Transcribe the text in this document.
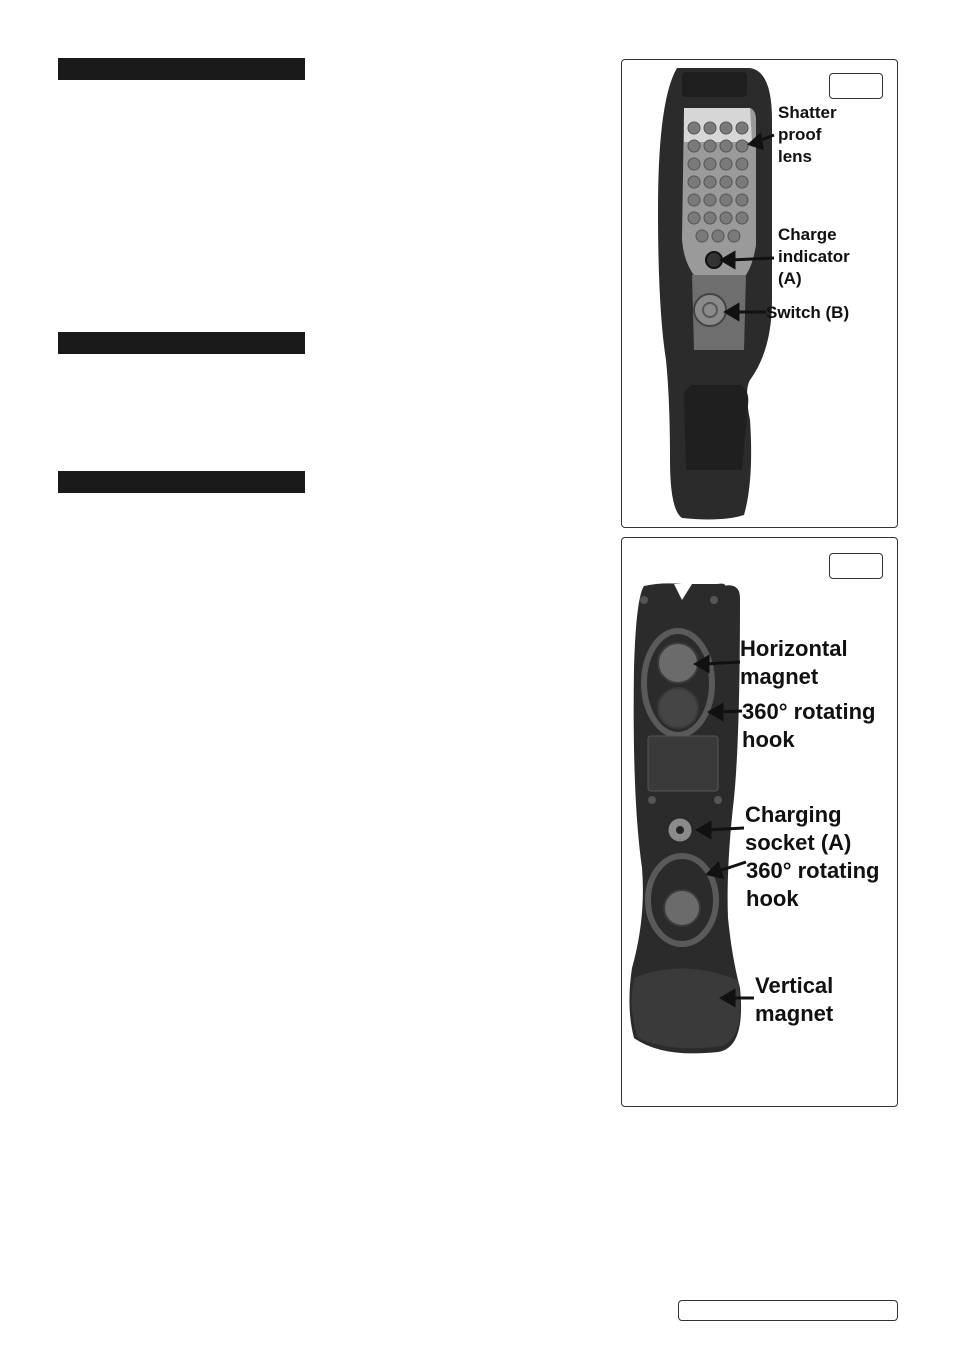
Shatter
proof
lens
Charge
indicator
(A)
Switch (B)
Horizontal
magnet
360° rotating
hook
Charging
socket (A)
360° rotating
hook
Vertical
magnet
